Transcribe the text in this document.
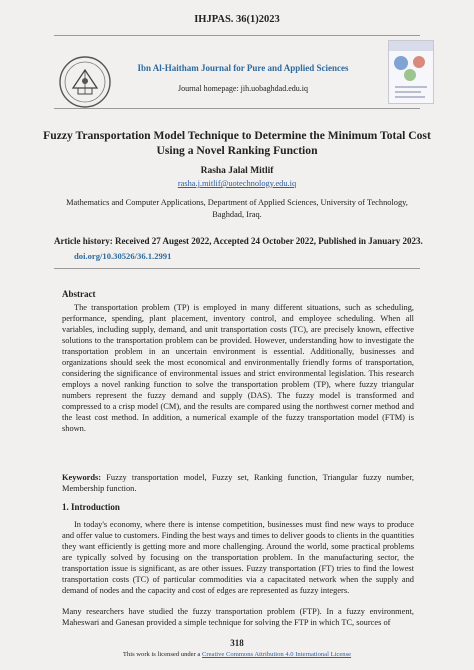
IHJPAS. 36(1)2023
Ibn Al-Haitham Journal for Pure and Applied Sciences
Journal homepage: jih.uobaghdad.edu.iq
Fuzzy Transportation Model Technique to Determine the Minimum Total Cost Using a Novel Ranking Function
Rasha Jalal Mitlif
rasha.j.mitlif@uotechnology.edu.iq
Mathematics and Computer Applications, Department of Applied Sciences, University of Technology, Baghdad, Iraq.
Article history: Received 27 Augest 2022, Accepted 24 October 2022, Published in January 2023.
doi.org/10.30526/36.1.2991
Abstract
The transportation problem (TP) is employed in many different situations, such as scheduling, performance, spending, plant placement, inventory control, and employee scheduling. When all variables, including supply, demand, and unit transportation costs (TC), are precisely known, effective solutions to the transportation problem can be provided. However, understanding how to investigate the transportation problem in an uncertain environment is essential. Additionally, businesses and organizations should seek the most economical and environmentally friendly forms of transportation, considering the significance of environmental issues and strict environmental legislation. This research employs a novel ranking function to solve the transportation problem (TP), where fuzzy triangular numbers represent the fuzzy demand and supply (DAS). The fuzzy model is transformed and compressed to a crisp model (CM), and the results are compared using the northwest corner method and the least cost method. In addition, a numerical example of the fuzzy transportation model (FTM) is shown.
Keywords: Fuzzy transportation model, Fuzzy set, Ranking function, Triangular fuzzy number, Membership function.
1. Introduction
In today's economy, where there is intense competition, businesses must find new ways to produce and offer value to customers. Finding the best ways and times to deliver goods to clients in the quantities they want efficiently is getting more and more challenging. Around the world, some practical problems are typically solved by focusing on the transportation problem. In the manufacturing sector, the transportation issue is significant, as are other issues. Fuzzy transportation (FT) tries to find the lowest transportation costs (TC) of particular commodities via a capacitated network when the supply and demand of nodes and the capacity and cost of edges are represented as fuzzy integers.
Many researchers have studied the fuzzy transportation problem (FTP). In a fuzzy environment, Maheswari and Ganesan provided a simple technique for solving the FTP in which TC, sources of
318
This work is licensed under a Creative Commons Attribution 4.0 International License
